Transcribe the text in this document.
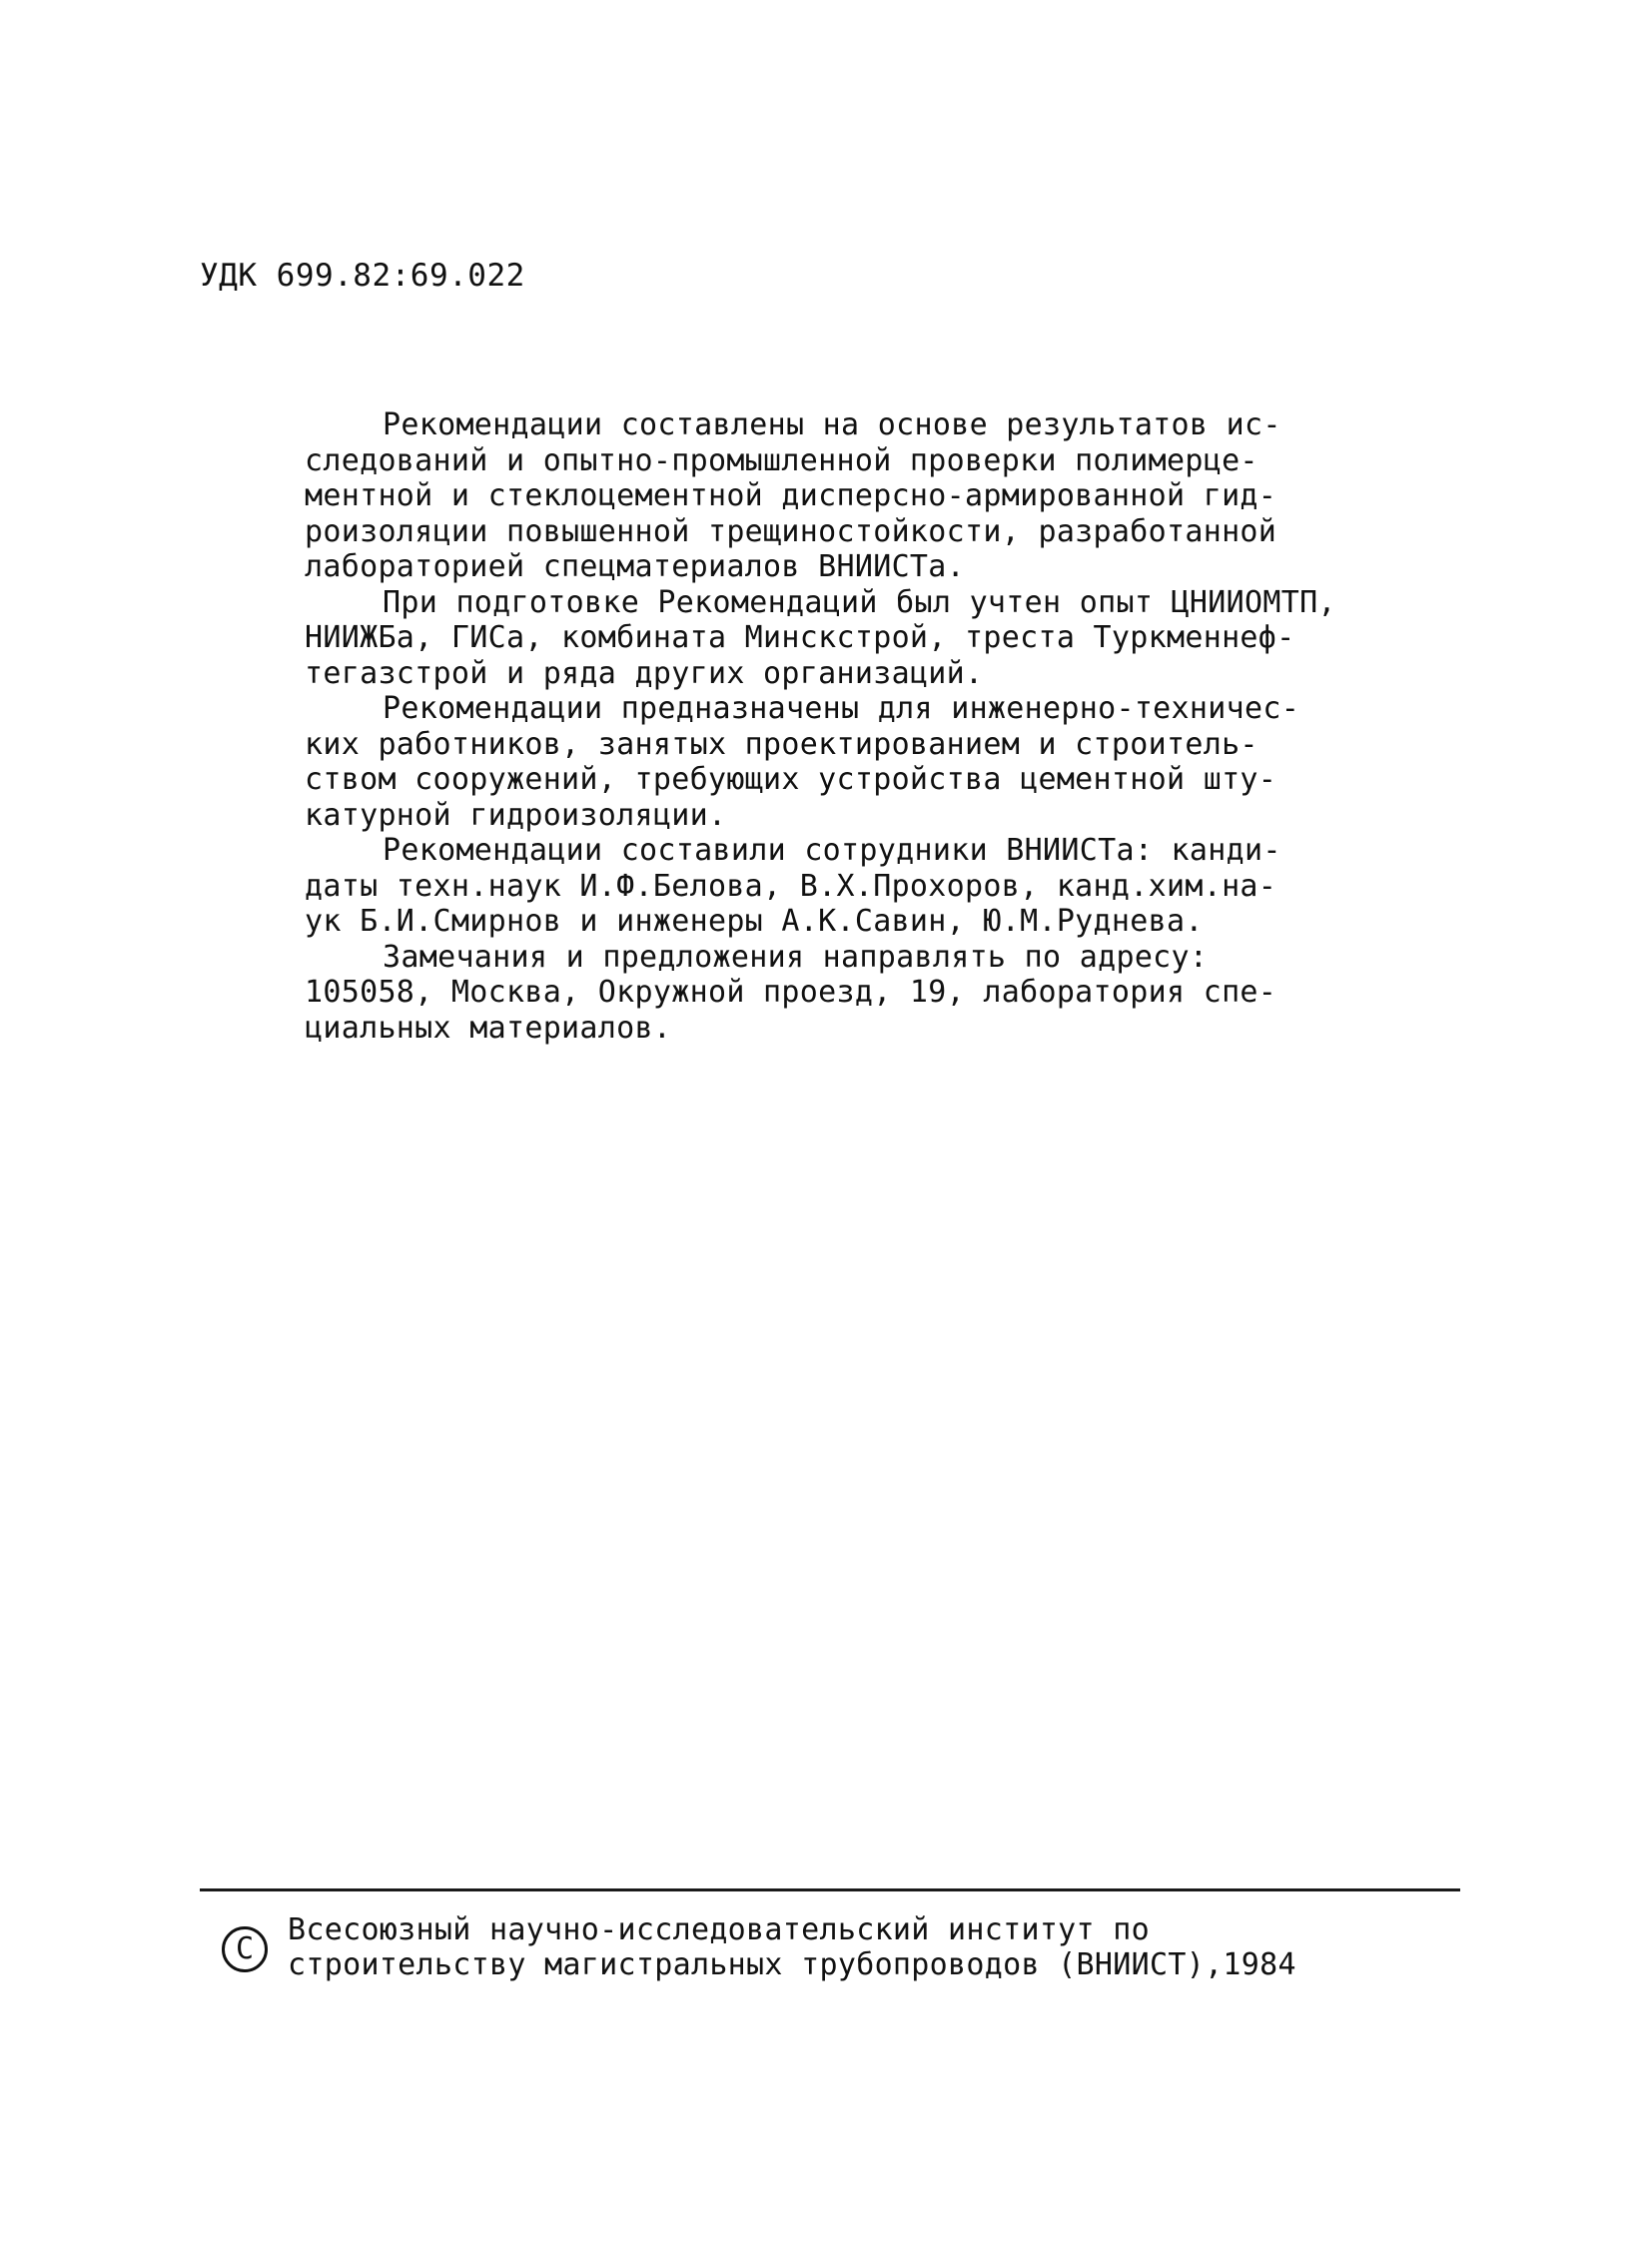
УДК 699.82:69.022

Рекомендации составлены на основе результатов ис-
следований и опытно-промышленной проверки полимерце-
ментной и стеклоцементной дисперсно-армированной гид-
роизоляции повышенной трещиностойкости, разработанной
лабораторией спецматериалов ВНИИСТа.

При подготовке Рекомендаций был учтен опыт ЦНИИОМТП,
НИИЖБа, ГИСа, комбината Минскстрой, треста Туркменнеф-
тегазстрой и ряда других организаций.

Рекомендации предназначены для инженерно-техничес-
ких работников, занятых проектированием и строитель-
ством сооружений, требующих устройства цементной шту-
катурной гидроизоляции.

Рекомендации составили сотрудники ВНИИСТа: канди-
даты техн.наук И.Ф.Белова, В.Х.Прохоров, канд.хим.на-
ук Б.И.Смирнов и инженеры А.К.Савин, Ю.М.Руднева.

Замечания и предложения направлять по адресу:
105058, Москва, Окружной проезд, 19, лаборатория спе-
циальных материалов.

C
Всесоюзный научно-исследовательский институт по
строительству магистральных трубопроводов (ВНИИСТ),1984
